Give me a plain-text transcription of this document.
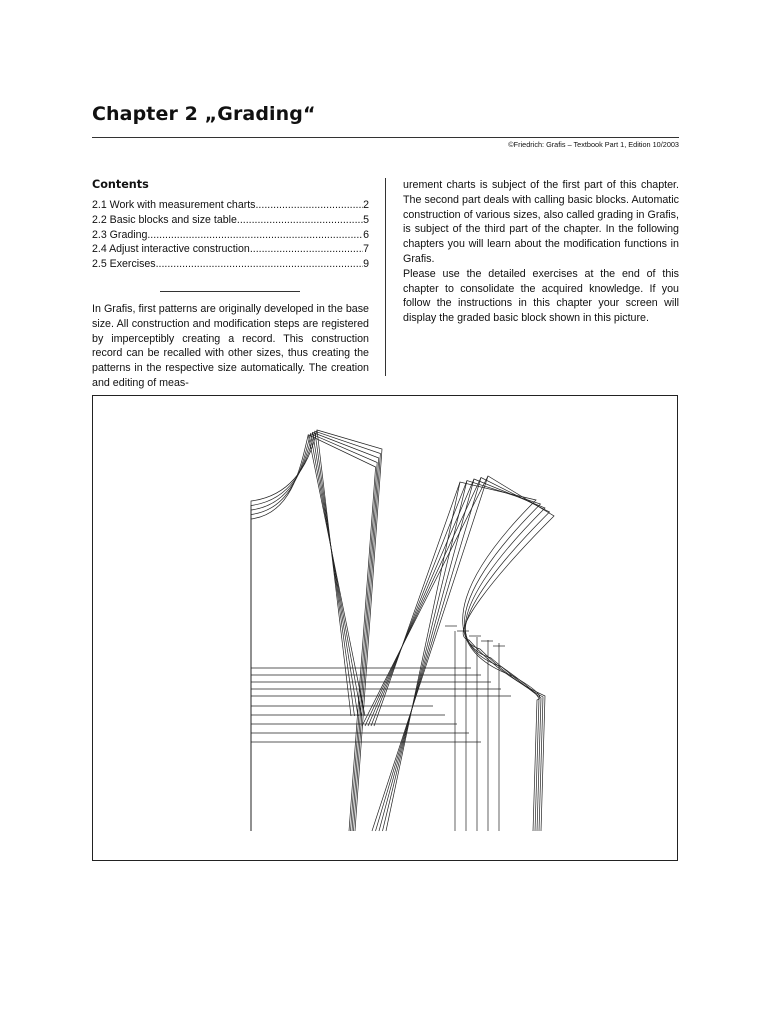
Chapter 2 „Grading“
©Friedrich: Grafis – Textbook Part 1, Edition 10/2003
Contents
2.1 Work with measurement charts .....	2
2.2 Basic blocks and size table .....	5
2.3 Grading .....	6
2.4 Adjust interactive construction .....	7
2.5 Exercises .....	9

In Grafis, first patterns are originally developed in the base size. All construction and modification steps are registered by imperceptibly creating a record. This construction record can be recalled with other sizes, thus creating the patterns in the respective size automatically. The creation and editing of meas-

urement charts is subject of the first part of this chapter. The second part deals with calling basic blocks. Automatic construction of various sizes, also called grading in Grafis, is subject of the third part of the chapter. In the following chapters you will learn about the modification functions in Grafis.

Please use the detailed exercises at the end of this chapter to consolidate the acquired knowledge. If you follow the instructions in this chapter your screen will display the graded basic block shown in this picture.
